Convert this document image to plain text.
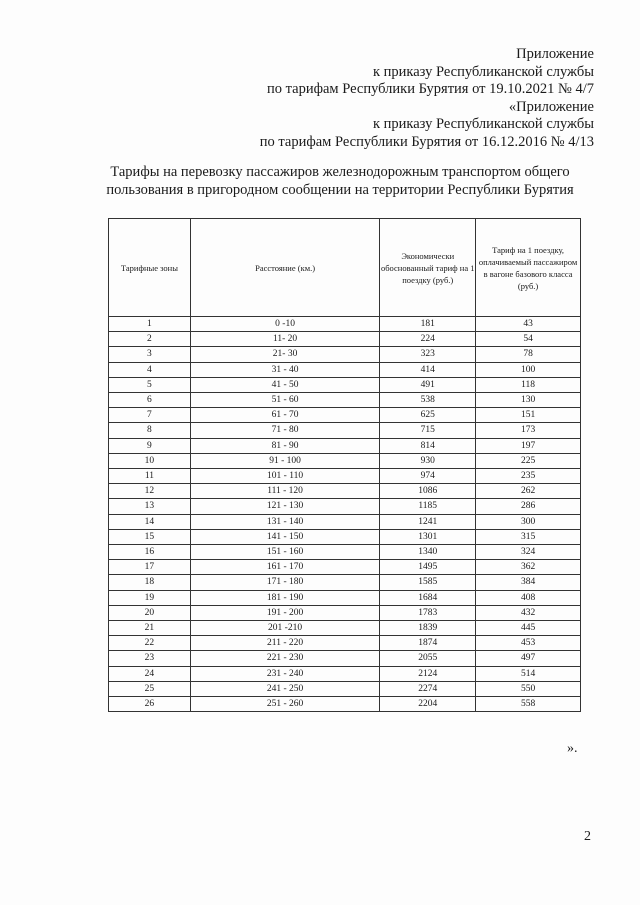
Приложение
к приказу Республиканской службы
по тарифам Республики Бурятия от 19.10.2021 № 4/7
«Приложение
к приказу Республиканской службы
по тарифам Республики Бурятия от 16.12.2016 № 4/13
Тарифы на перевозку пассажиров железнодорожным транспортом общего
пользования в пригородном сообщении на территории Республики Бурятия
Тарифные зоны	Расстояние (км.)	Экономически обоснованный тариф на 1 поездку (руб.)	Тариф на 1 поездку, оплачиваемый пассажиром в вагоне базового класса (руб.)
1	0 -10	181	43
2	11- 20	224	54
3	21- 30	323	78
4	31 - 40	414	100
5	41 - 50	491	118
6	51 - 60	538	130
7	61 - 70	625	151
8	71 - 80	715	173
9	81 - 90	814	197
10	91 - 100	930	225
11	101 - 110	974	235
12	111 - 120	1086	262
13	121 - 130	1185	286
14	131 - 140	1241	300
15	141 - 150	1301	315
16	151 - 160	1340	324
17	161 - 170	1495	362
18	171 - 180	1585	384
19	181 - 190	1684	408
20	191 - 200	1783	432
21	201 -210	1839	445
22	211 - 220	1874	453
23	221 - 230	2055	497
24	231 - 240	2124	514
25	241 - 250	2274	550
26	251 - 260	2204	558
».
2
